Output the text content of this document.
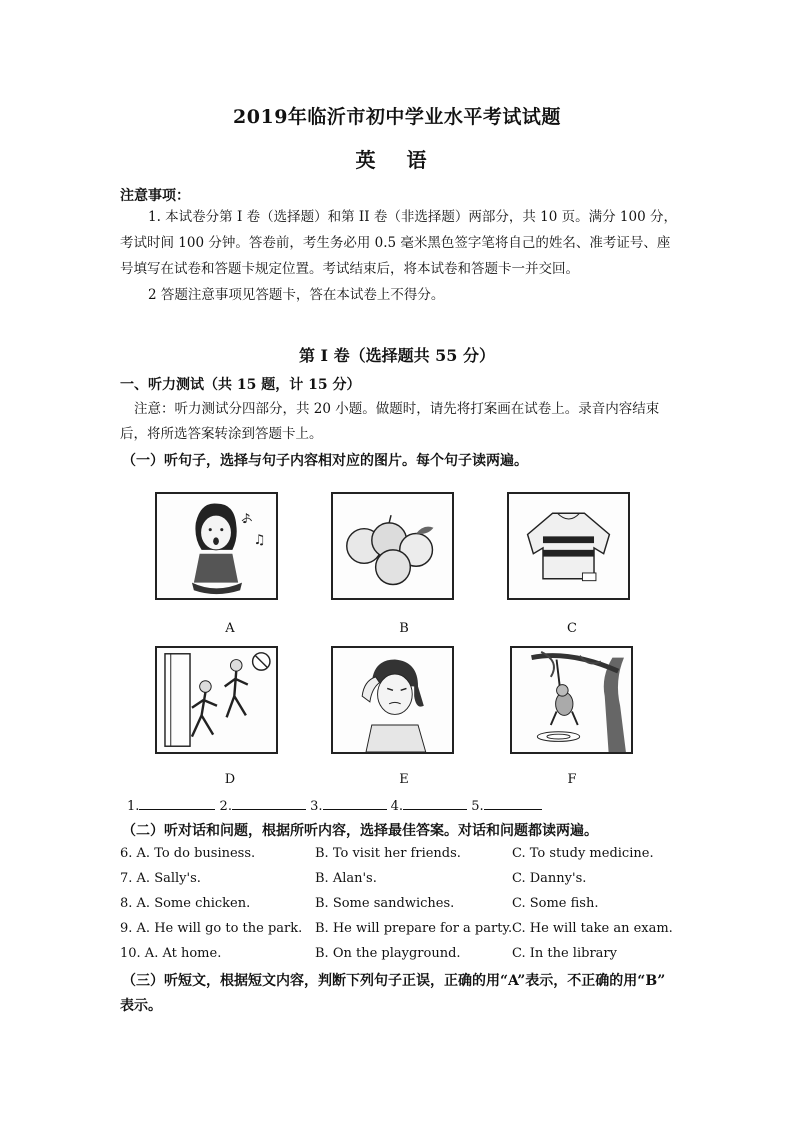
2019年临沂市初中学业水平考试试题
英 语
注意事项：
1. 本试卷分第 I 卷（选择题）和第 II 卷（非选择题）两部分，共 10 页。满分 100 分，
考试时间 100 分钟。答卷前，考生务必用 0.5 毫米黑色签字笔将自己的姓名、准考证号、座
号填写在试卷和答题卡规定位置。考试结束后，将本试卷和答题卡一并交回。
2 答题注意事项见答题卡，答在本试卷上不得分。
第 I 卷（选择题共 55 分）
一、听力测试（共 15 题，计 15 分）
注意：听力测试分四部分，共 20 小题。做题时，请先将打案画在试卷上。录音内容结束
后，将所选答案转涂到答题卡上。
（一）听句子，选择与句子内容相对应的图片。每个句子读两遍。
♪
♫
A	B	C
D	E	F
1.	2.	3.	4.	5.
（二）听对话和问题，根据所听内容，选择最佳答案。对话和问题都读两遍。
6. A. To do business.	B. To visit her friends.	C. To study medicine.
7. A. Sally's.	B. Alan's.	C. Danny's.
8. A. Some chicken.	B. Some sandwiches.	C. Some fish.
9. A. He will go to the park. B. He will prepare for a party. C. He will take an exam.
10. A. At home.	B. On the playground.	C. In the library
（三）听短文，根据短文内容，判断下列句子正误，正确的用“A”表示，不正确的用“B”
表示。
